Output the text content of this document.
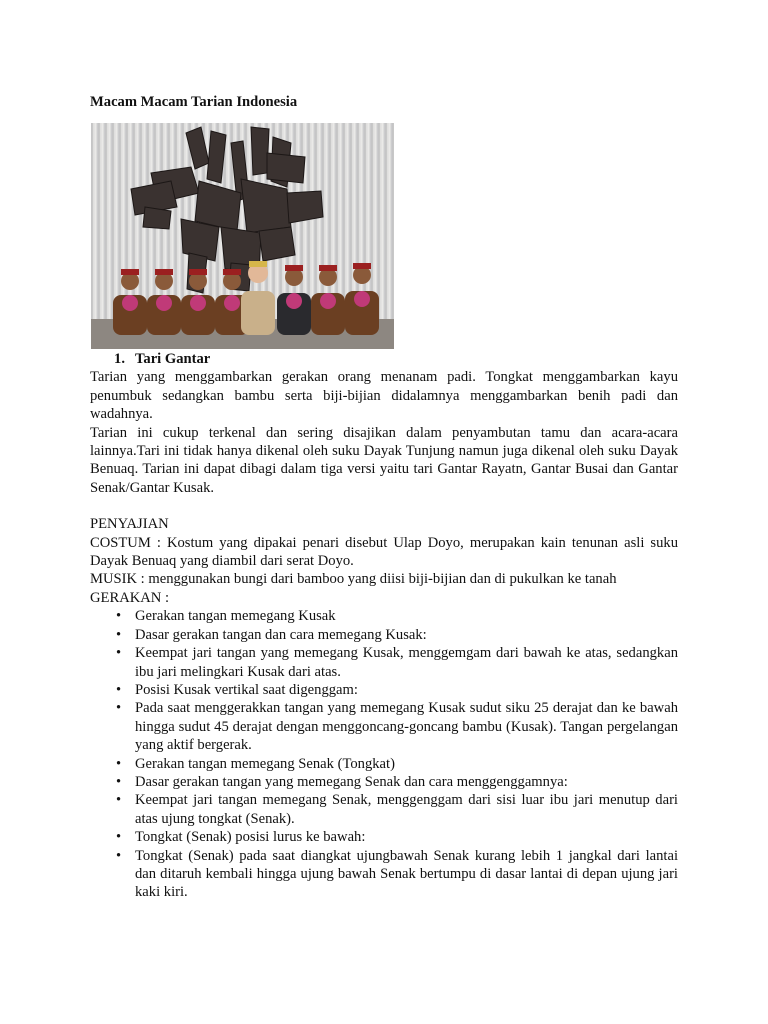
Macam Macam Tarian Indonesia
1. Tari Gantar

Tarian yang menggambarkan gerakan orang menanam padi. Tongkat menggambarkan kayu penumbuk sedangkan bambu serta biji-bijian didalamnya menggambarkan benih padi dan wadahnya.

Tarian ini cukup terkenal dan sering disajikan dalam penyambutan tamu dan acara-acara lainnya.Tari ini tidak hanya dikenal oleh suku Dayak Tunjung namun juga dikenal oleh suku Dayak Benuaq. Tarian ini dapat dibagi dalam tiga versi yaitu tari Gantar Rayatn, Gantar Busai dan Gantar Senak/Gantar Kusak.

PENYAJIAN

COSTUM : Kostum yang dipakai penari disebut Ulap Doyo, merupakan kain tenunan asli suku Dayak Benuaq yang diambil dari serat Doyo.

MUSIK : menggunakan bungi dari bamboo yang diisi biji-bijian dan di pukulkan ke tanah

GERAKAN :

• Gerakan tangan memegang Kusak
• Dasar gerakan tangan dan cara memegang Kusak:
• Keempat jari tangan yang memegang Kusak, menggemgam dari bawah ke atas, sedangkan ibu jari melingkari Kusak dari atas.
• Posisi Kusak vertikal saat digenggam:
• Pada saat menggerakkan tangan yang memegang Kusak sudut siku 25 derajat dan ke bawah hingga sudut 45 derajat dengan menggoncang-goncang bambu (Kusak). Tangan pergelangan yang aktif bergerak.
• Gerakan tangan memegang Senak (Tongkat)
• Dasar gerakan tangan yang memegang Senak dan cara menggenggamnya:
• Keempat jari tangan memegang Senak, menggenggam dari sisi luar ibu jari menutup dari atas ujung tongkat (Senak).
• Tongkat (Senak) posisi lurus ke bawah:
• Tongkat (Senak) pada saat diangkat ujungbawah Senak kurang lebih 1 jangkal dari lantai dan ditaruh kembali hingga ujung bawah Senak bertumpu di dasar lantai di depan ujung jari kaki kiri.
